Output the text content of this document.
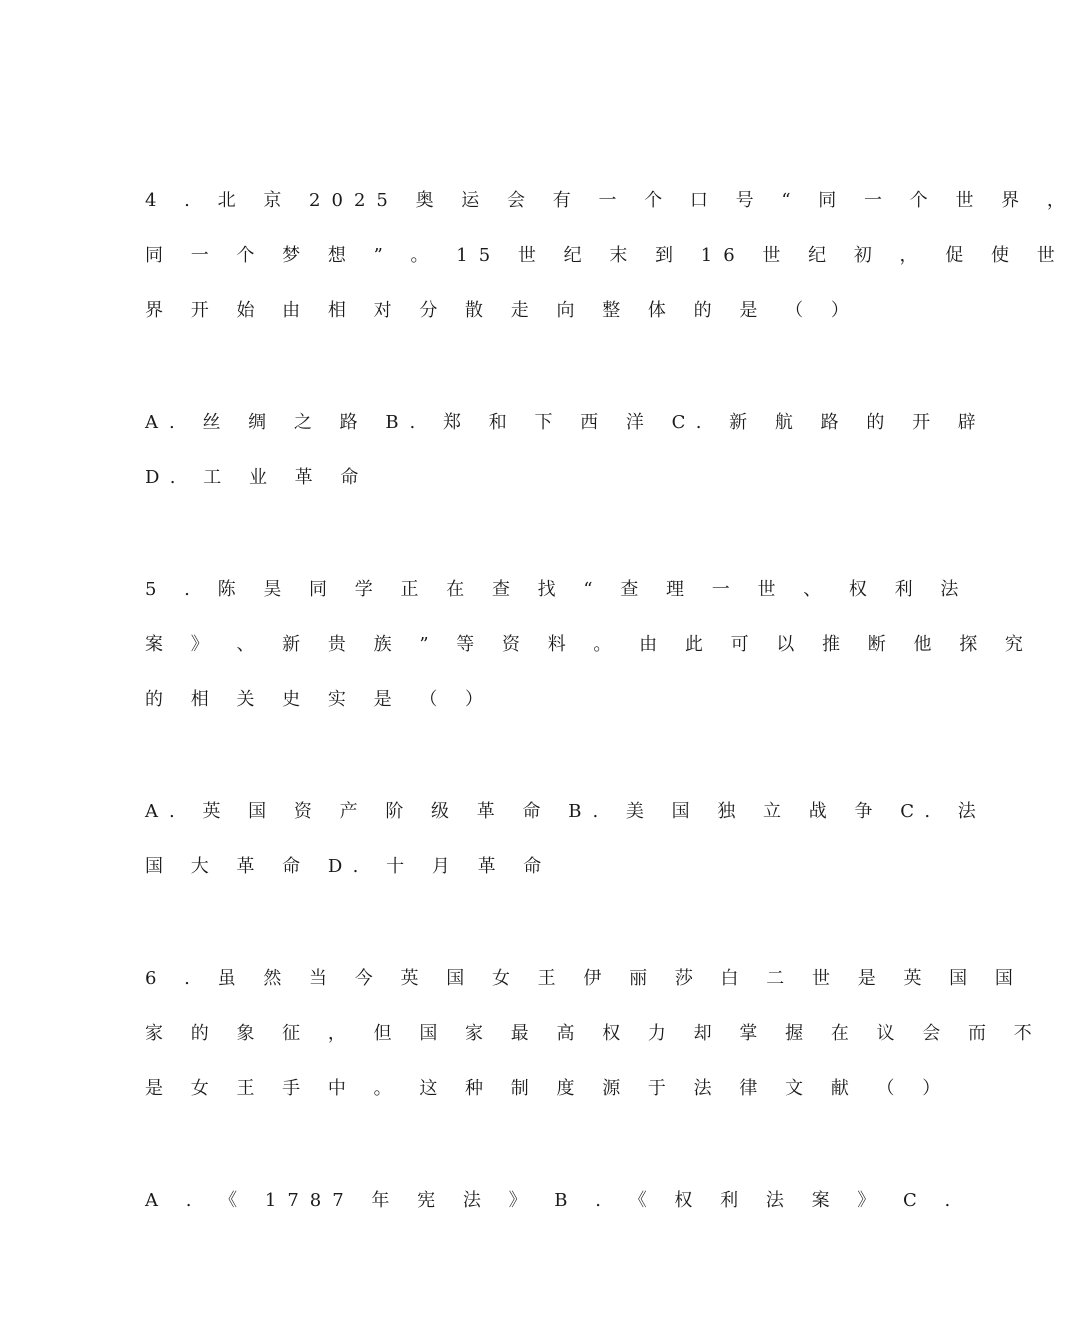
4 . 北 京 2025 奥 运 会 有 一 个 口 号 “ 同 一 个 世 界 ，
同 一 个 梦 想 ” 。 15 世 纪 末 到 16 世 纪 初 ， 促 使 世
界 开 始 由 相 对 分 散 走 向 整 体 的 是 （ ）
A. 丝 绸 之 路 B. 郑 和 下 西 洋 C. 新 航 路 的 开 辟
D. 工 业 革 命
5 . 陈 昊 同 学 正 在 查 找 “ 查 理 一 世 、 权 利 法
案 》 、 新 贵 族 ” 等 资 料 。 由 此 可 以 推 断 他 探 究
的 相 关 史 实 是 （ ）
A. 英 国 资 产 阶 级 革 命 B. 美 国 独 立 战 争 C. 法
国 大 革 命 D. 十 月 革 命
6 . 虽 然 当 今 英 国 女 王 伊 丽 莎 白 二 世 是 英 国 国
家 的 象 征 ， 但 国 家 最 高 权 力 却 掌 握 在 议 会 而 不
是 女 王 手 中 。 这 种 制 度 源 于 法 律 文 献 （ ）
A . 《 1787 年 宪 法 》 B . 《 权 利 法 案 》 C .
